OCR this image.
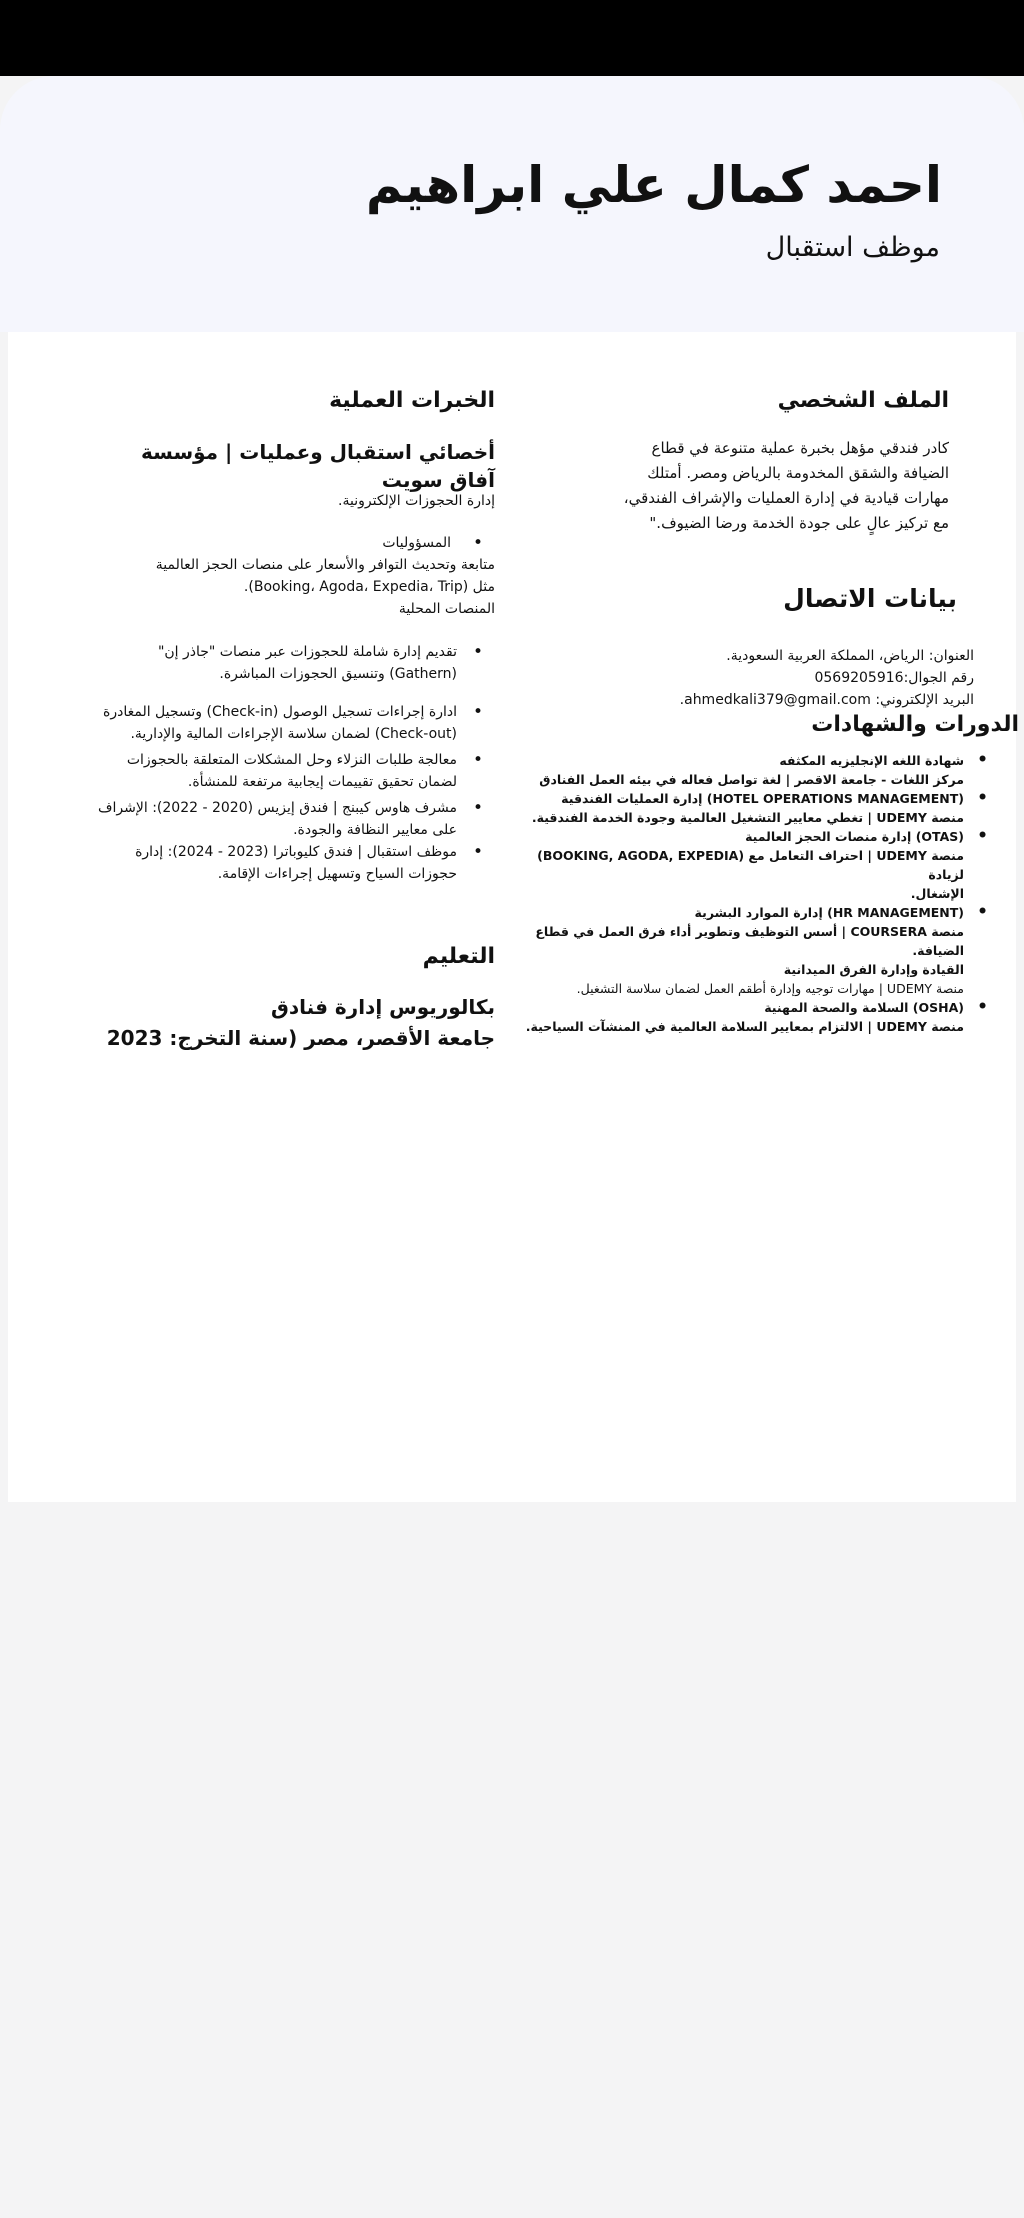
احمد كمال علي ابراهيم
موظف استقبال
الملف الشخصي
كادر فندقي مؤهل بخبرة عملية متنوعة في قطاع
الضيافة والشقق المخدومة بالرياض ومصر. أمتلك
مهارات قيادية في إدارة العمليات والإشراف الفندقي،
مع تركيز عالٍ على جودة الخدمة ورضا الضيوف."
بيانات الاتصال
العنوان: الرياض، المملكة العربية السعودية.
رقم الجوال:0569205916
البريد الإلكتروني: ahmedkali379@gmail.com.
الدورات والشهادات
• شهادة اللغه الإنجليزيه المكثفه
مركز اللغات - جامعة الاقصر | لغة تواصل فعاله في بيئه العمل الفنادق
• (HOTEL OPERATIONS MANAGEMENT) إدارة العمليات الفندقية
منصة UDEMY | تغطي معايير التشغيل العالمية وجودة الخدمة الفندقية.
• (OTAS) إدارة منصات الحجز العالمية
منصة UDEMY | احتراف التعامل مع (BOOKING, AGODA, EXPEDIA) لزيادة
الإشغال.
• (HR MANAGEMENT) إدارة الموارد البشرية
منصة COURSERA | أسس التوظيف وتطوير أداء فرق العمل في قطاع الضيافة.
القيادة وإدارة الفرق الميدانية
منصة UDEMY | مهارات توجيه وإدارة أطقم العمل لضمان سلاسة التشغيل.
• (OSHA) السلامة والصحة المهنية
منصة UDEMY | الالتزام بمعايير السلامة العالمية في المنشآت السياحية.
الخبرات العملية
أخصائي استقبال وعمليات | مؤسسة آفاق سويت
إدارة الحجوزات الإلكترونية.
• المسؤوليات
متابعة وتحديث التوافر والأسعار على منصات الحجز العالمية
مثل (Booking، Agoda، Expedia، Trip).
المنصات المحلية
• تقديم إدارة شاملة للحجوزات عبر منصات "جاذر إن" (Gathern) وتنسيق الحجوزات المباشرة.
• ادارة إجراءات تسجيل الوصول (Check-in) وتسجيل المغادرة (Check-out) لضمان سلاسة الإجراءات المالية والإدارية.
• معالجة طلبات النزلاء وحل المشكلات المتعلقة بالحجوزات لضمان تحقيق تقييمات إيجابية مرتفعة للمنشأة.
• مشرف هاوس كيبنج | فندق إيزيس (2020 - 2022): الإشراف على معايير النظافة والجودة.
• موظف استقبال | فندق كليوباترا (2023 - 2024): إدارة حجوزات السياح وتسهيل إجراءات الإقامة.
التعليم

بكالوريوس إدارة فنادق

جامعة الأقصر، مصر (سنة التخرج: 2023
